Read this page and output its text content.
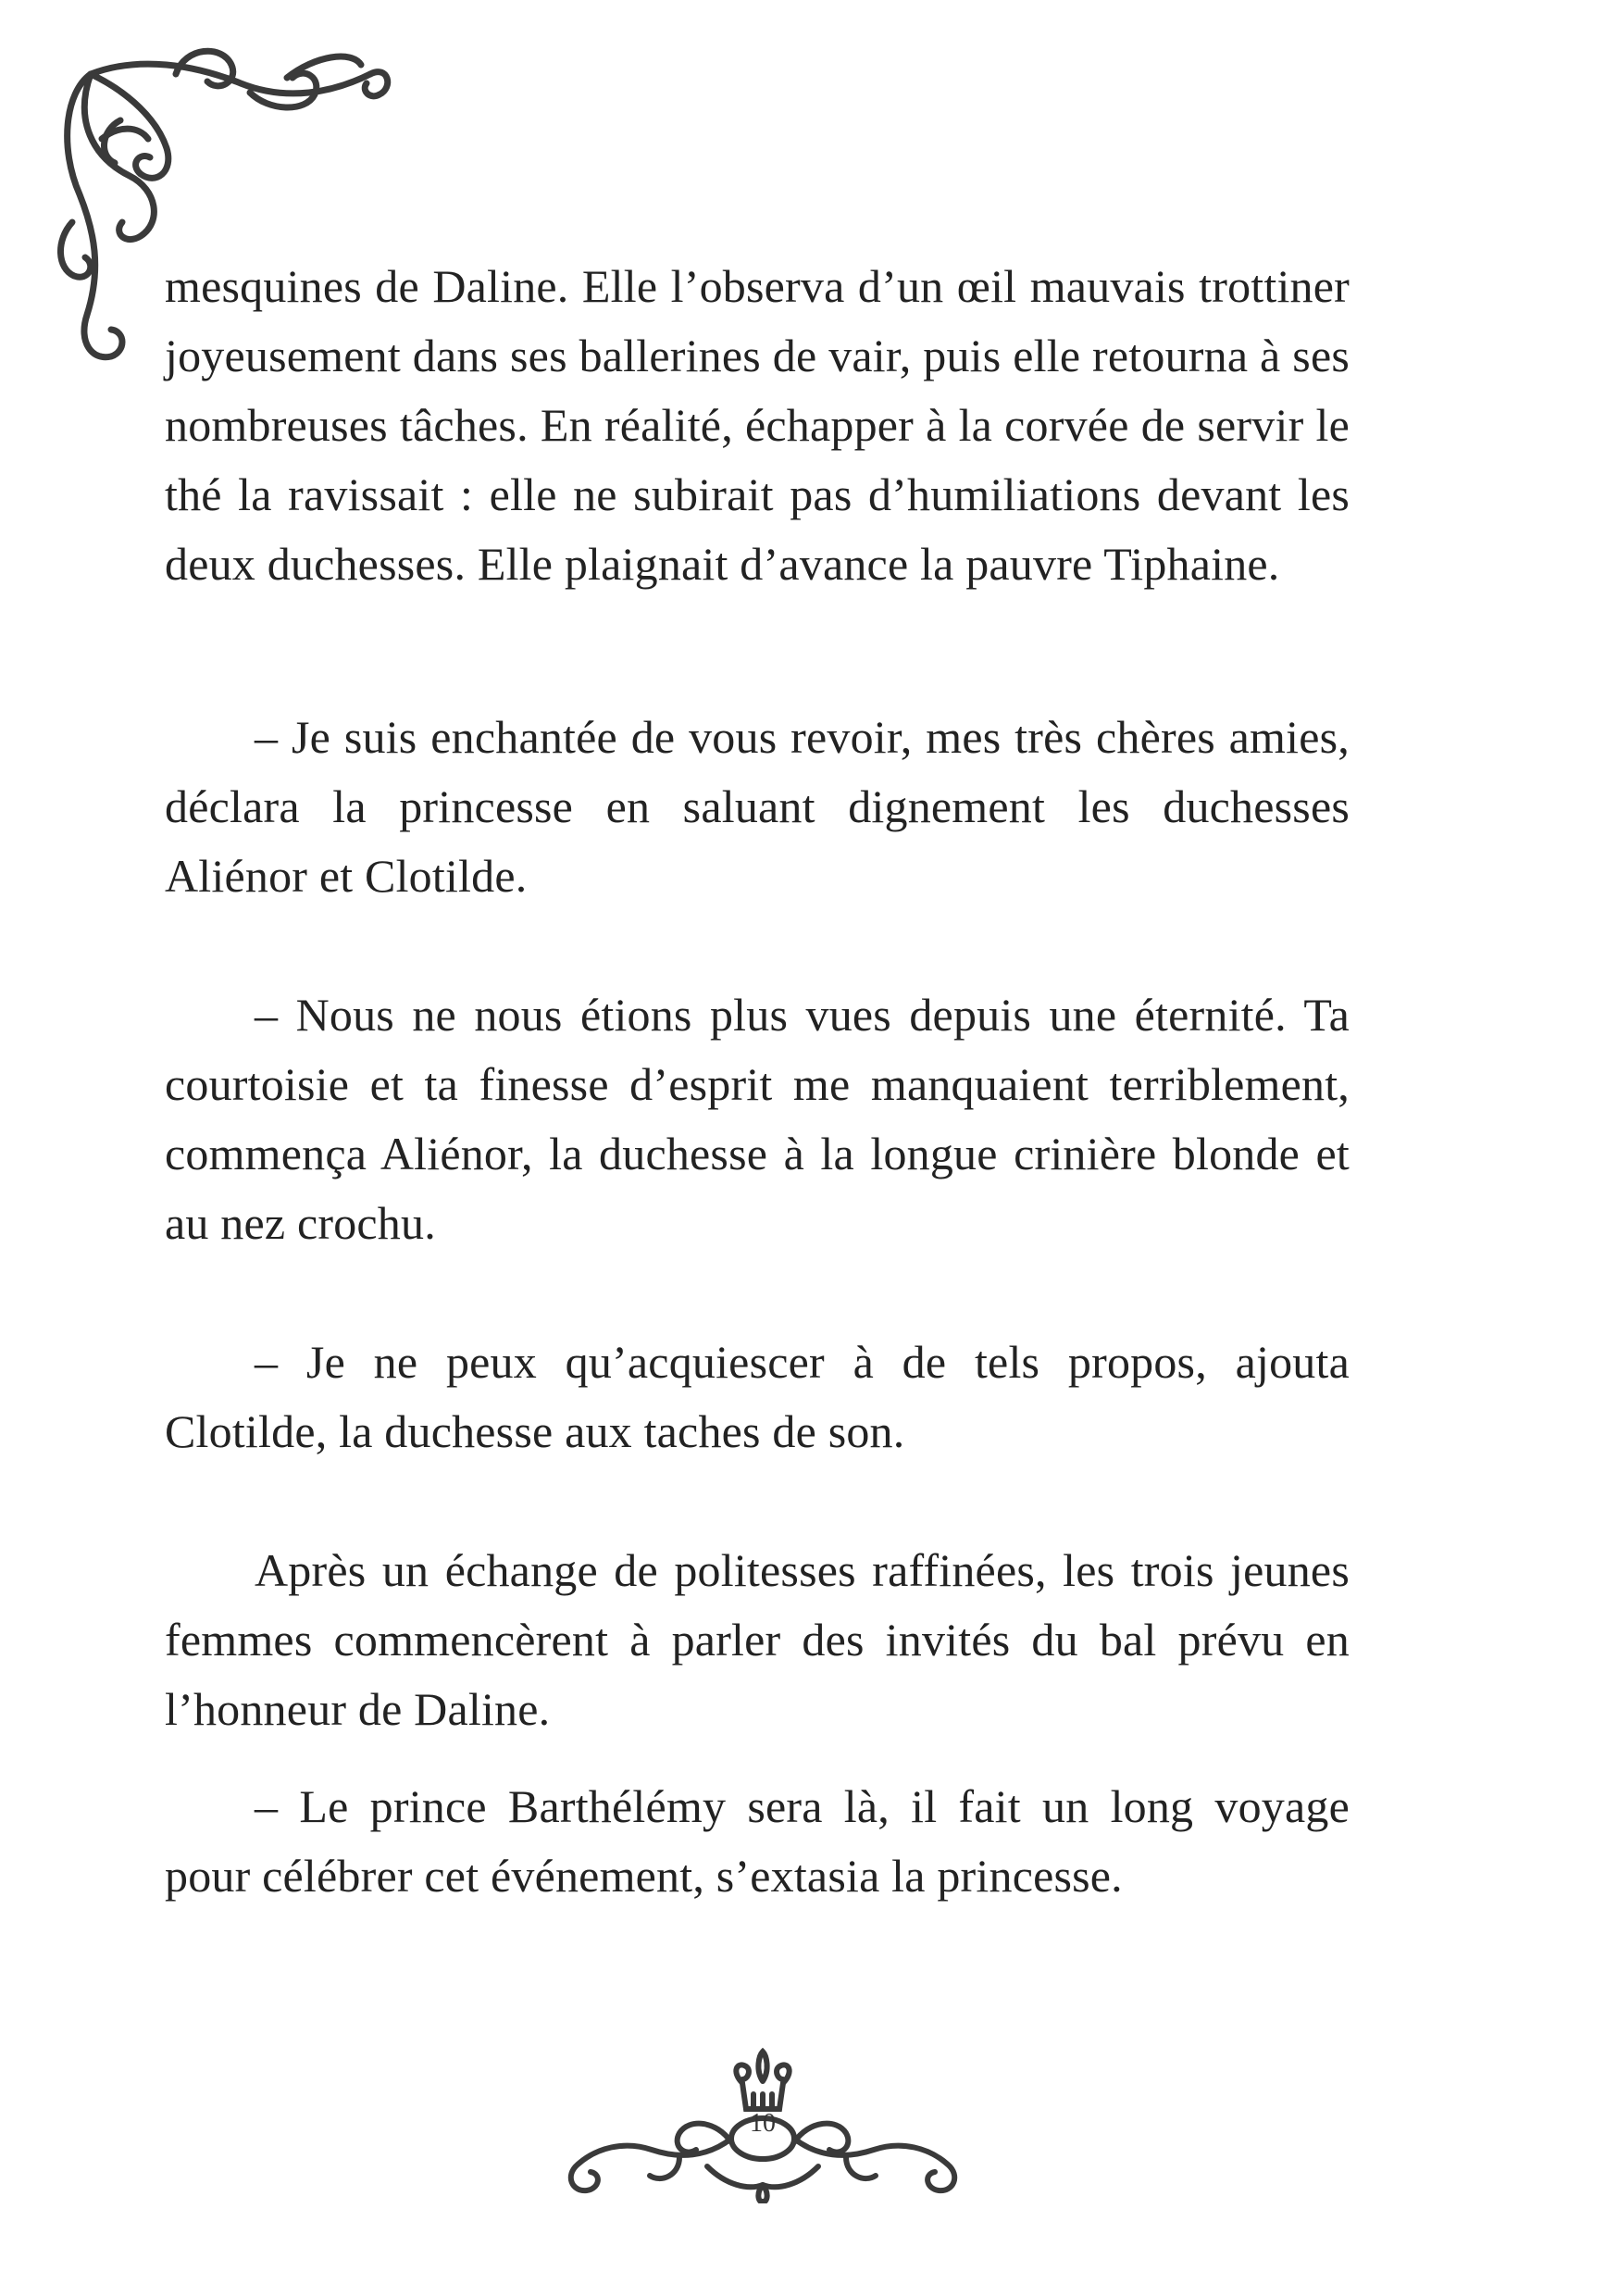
mesquines de Daline. Elle l’observa d’un œil mauvais trottiner joyeusement dans ses ballerines de vair, puis elle retourna à ses nombreuses tâches. En réalité, échapper à la corvée de servir le thé la ravissait : elle ne subirait pas d’humiliations devant les deux duchesses. Elle plaignait d’avance la pauvre Tiphaine.

– Je suis enchantée de vous revoir, mes très chères amies, déclara la princesse en saluant dignement les duchesses Aliénor et Clotilde.

– Nous ne nous étions plus vues depuis une éternité. Ta courtoisie et ta finesse d’esprit me manquaient terriblement, commença Aliénor, la duchesse à la longue crinière blonde et au nez crochu.

– Je ne peux qu’acquiescer à de tels propos, ajouta Clotilde, la duchesse aux taches de son.

Après un échange de politesses raffinées, les trois jeunes femmes commencèrent à parler des invités du bal prévu en l’honneur de Daline.

– Le prince Barthélémy sera là, il fait un long voyage pour célébrer cet événement, s’extasia la princesse.

10
